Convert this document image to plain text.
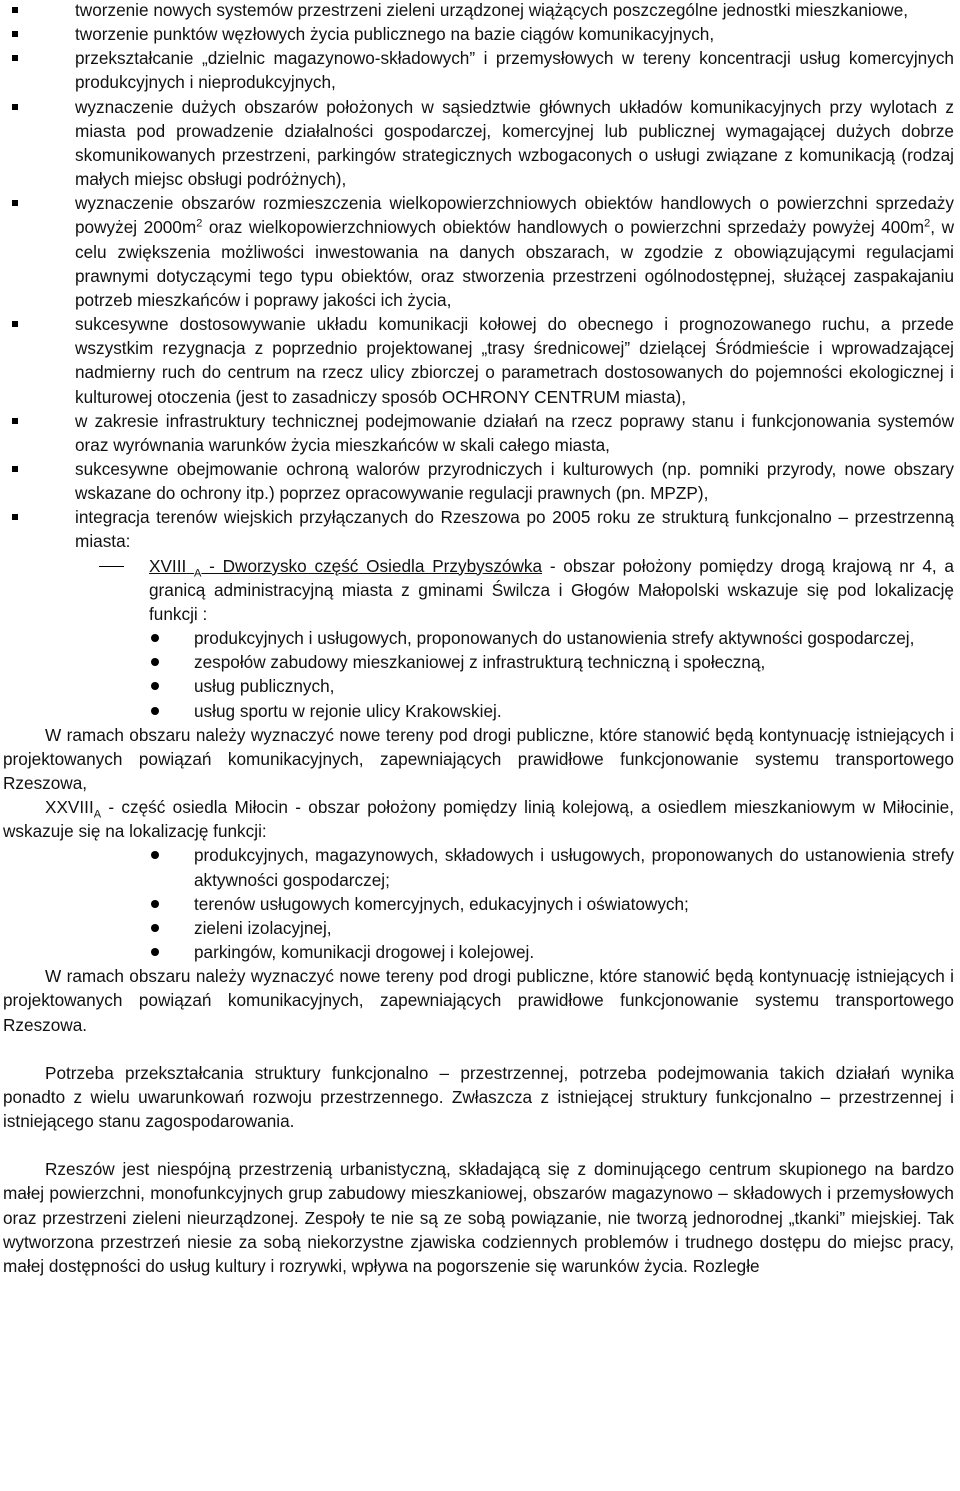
tworzenie nowych systemów przestrzeni zieleni urządzonej wiążących poszczególne jednostki mieszkaniowe,
tworzenie punktów węzłowych życia publicznego na bazie ciągów komunikacyjnych,
przekształcanie „dzielnic magazynowo-składowych” i przemysłowych w tereny koncentracji usług komercyjnych produkcyjnych i nieprodukcyjnych,
wyznaczenie dużych obszarów położonych w sąsiedztwie głównych układów komunikacyjnych przy wylotach z miasta pod prowadzenie działalności gospodarczej, komercyjnej lub publicznej wymagającej dużych dobrze skomunikowanych przestrzeni, parkingów strategicznych wzbogaconych o usługi związane z komunikacją (rodzaj małych miejsc obsługi podróżnych),
wyznaczenie obszarów rozmieszczenia wielkopowierzchniowych obiektów handlowych o powierzchni sprzedaży powyżej $2000m^2$ oraz wielkopowierzchniowych obiektów handlowych o powierzchni sprzedaży powyżej $400m^2$, w celu zwiększenia możliwości inwestowania na danych obszarach, w zgodzie z obowiązującymi regulacjami prawnymi dotyczącymi tego typu obiektów, oraz stworzenia przestrzeni ogólnodostępnej, służącej zaspakajaniu potrzeb mieszkańców i poprawy jakości ich życia,
sukcesywne dostosowywanie układu komunikacji kołowej do obecnego i prognozowanego ruchu, a przede wszystkim rezygnacja z poprzednio projektowanej „trasy średnicowej” dzielącej Śródmieście i wprowadzającej nadmierny ruch do centrum na rzecz ulicy zbiorczej o parametrach dostosowanych do pojemności ekologicznej i kulturowej otoczenia (jest to zasadniczy sposób OCHRONY CENTRUM miasta),
w zakresie infrastruktury technicznej podejmowanie działań na rzecz poprawy stanu i funkcjonowania systemów oraz wyrównania warunków życia mieszkańców w skali całego miasta,
sukcesywne obejmowanie ochroną walorów przyrodniczych i kulturowych (np. pomniki przyrody, nowe obszary wskazane do ochrony itp.) poprzez opracowywanie regulacji prawnych (pn. MPZP),
integracja terenów wiejskich przyłączanych do Rzeszowa po 2005 roku ze strukturą funkcjonalno – przestrzenną miasta:
XVIII $_A$ - Dworzysko część Osiedla Przybyszówka - obszar położony pomiędzy drogą krajową nr 4, a granicą administracyjną miasta z gminami Świlcza i Głogów Małopolski wskazuje się pod lokalizację funkcji :
produkcyjnych i usługowych, proponowanych do ustanowienia strefy aktywności gospodarczej,
zespołów zabudowy mieszkaniowej z infrastrukturą techniczną i społeczną,
usług publicznych,
usług sportu w rejonie ulicy Krakowskiej.

W ramach obszaru należy wyznaczyć nowe tereny pod drogi publiczne, które stanowić będą kontynuację istniejących i projektowanych powiązań komunikacyjnych, zapewniających prawidłowe funkcjonowanie systemu transportowego Rzeszowa,

$XXVIII_A$ - część osiedla Miłocin - obszar położony pomiędzy linią kolejową, a osiedlem mieszkaniowym w Miłocinie, wskazuje się na lokalizację funkcji:

produkcyjnych, magazynowych, składowych i usługowych, proponowanych do ustanowienia strefy aktywności gospodarczej;
terenów usługowych komercyjnych, edukacyjnych i oświatowych;
zieleni izolacyjnej,
parkingów, komunikacji drogowej i kolejowej.

W ramach obszaru należy wyznaczyć nowe tereny pod drogi publiczne, które stanowić będą kontynuację istniejących i projektowanych powiązań komunikacyjnych, zapewniających prawidłowe funkcjonowanie systemu transportowego Rzeszowa.

Potrzeba przekształcania struktury funkcjonalno – przestrzennej, potrzeba podejmowania takich działań wynika ponadto z wielu uwarunkowań rozwoju przestrzennego. Zwłaszcza z istniejącej struktury funkcjonalno – przestrzennej i istniejącego stanu zagospodarowania.

Rzeszów jest niespójną przestrzenią urbanistyczną, składającą się z dominującego centrum skupionego na bardzo małej powierzchni, monofunkcyjnych grup zabudowy mieszkaniowej, obszarów magazynowo – składowych i przemysłowych oraz przestrzeni zieleni nieurządzonej. Zespoły te nie są ze sobą powiązanie, nie tworzą jednorodnej „tkanki” miejskiej. Tak wytworzona przestrzeń niesie za sobą niekorzystne zjawiska codziennych problemów i trudnego dostępu do miejsc pracy, małej dostępności do usług kultury i rozrywki, wpływa na pogorszenie się warunków życia. Rozległe
